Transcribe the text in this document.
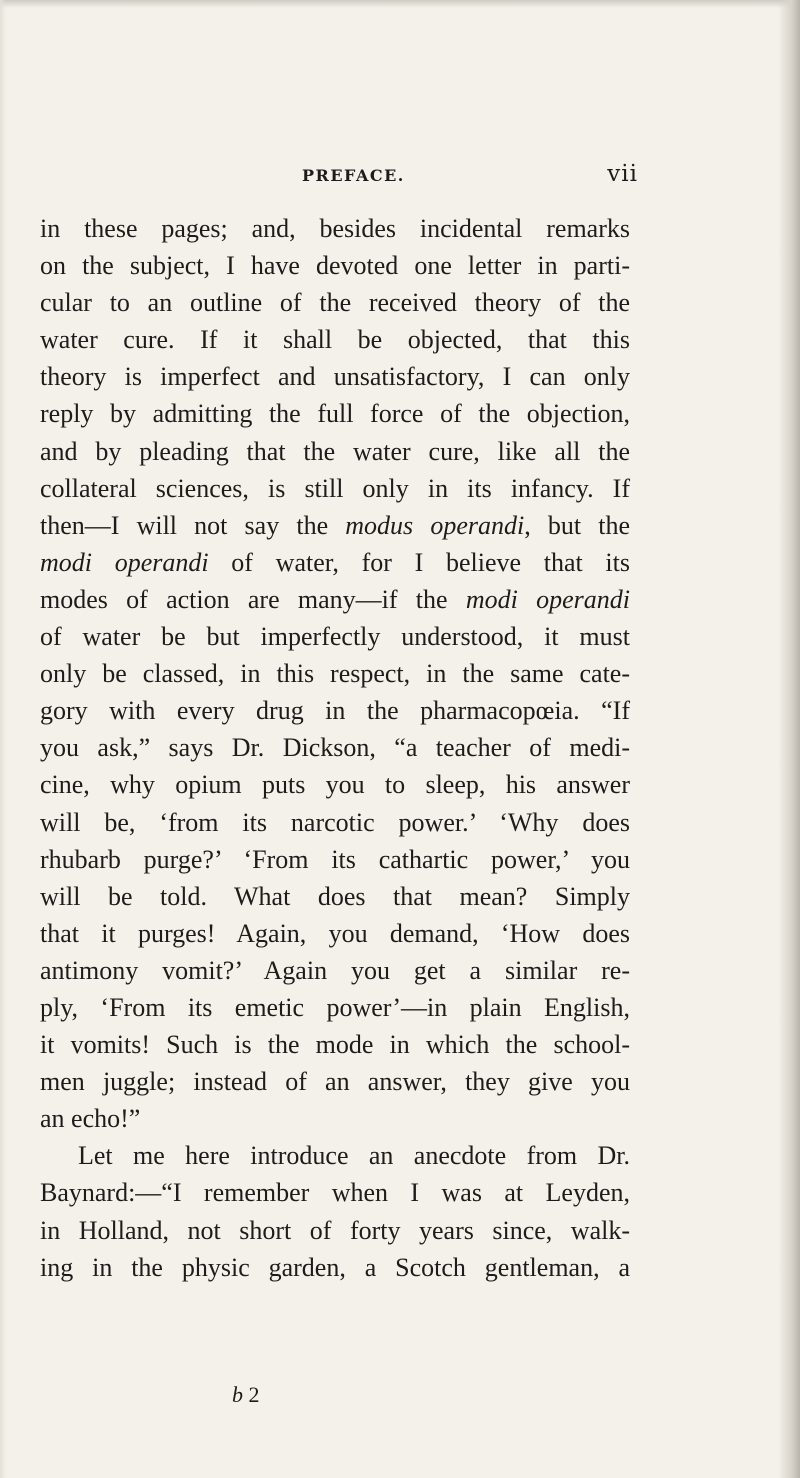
PREFACE.	vii
in these pages; and, besides incidental remarks
on the subject, I have devoted one letter in parti-
cular to an outline of the received theory of the
water cure. If it shall be objected, that this
theory is imperfect and unsatisfactory, I can only
reply by admitting the full force of the objection,
and by pleading that the water cure, like all the
collateral sciences, is still only in its infancy. If
then—I will not say the modus operandi, but the
modi operandi of water, for I believe that its
modes of action are many—if the modi operandi
of water be but imperfectly understood, it must
only be classed, in this respect, in the same cate-
gory with every drug in the pharmacopœia. “If
you ask,” says Dr. Dickson, “a teacher of medi-
cine, why opium puts you to sleep, his answer
will be, ‘from its narcotic power.’ ‘Why does
rhubarb purge?’ ‘From its cathartic power,’ you
will be told. What does that mean? Simply
that it purges! Again, you demand, ‘How does
antimony vomit?’ Again you get a similar re-
ply, ‘From its emetic power’—in plain English,
it vomits! Such is the mode in which the school-
men juggle; instead of an answer, they give you
an echo!”
Let me here introduce an anecdote from Dr.
Baynard:—“I remember when I was at Leyden,
in Holland, not short of forty years since, walk-
ing in the physic garden, a Scotch gentleman, a
b 2
